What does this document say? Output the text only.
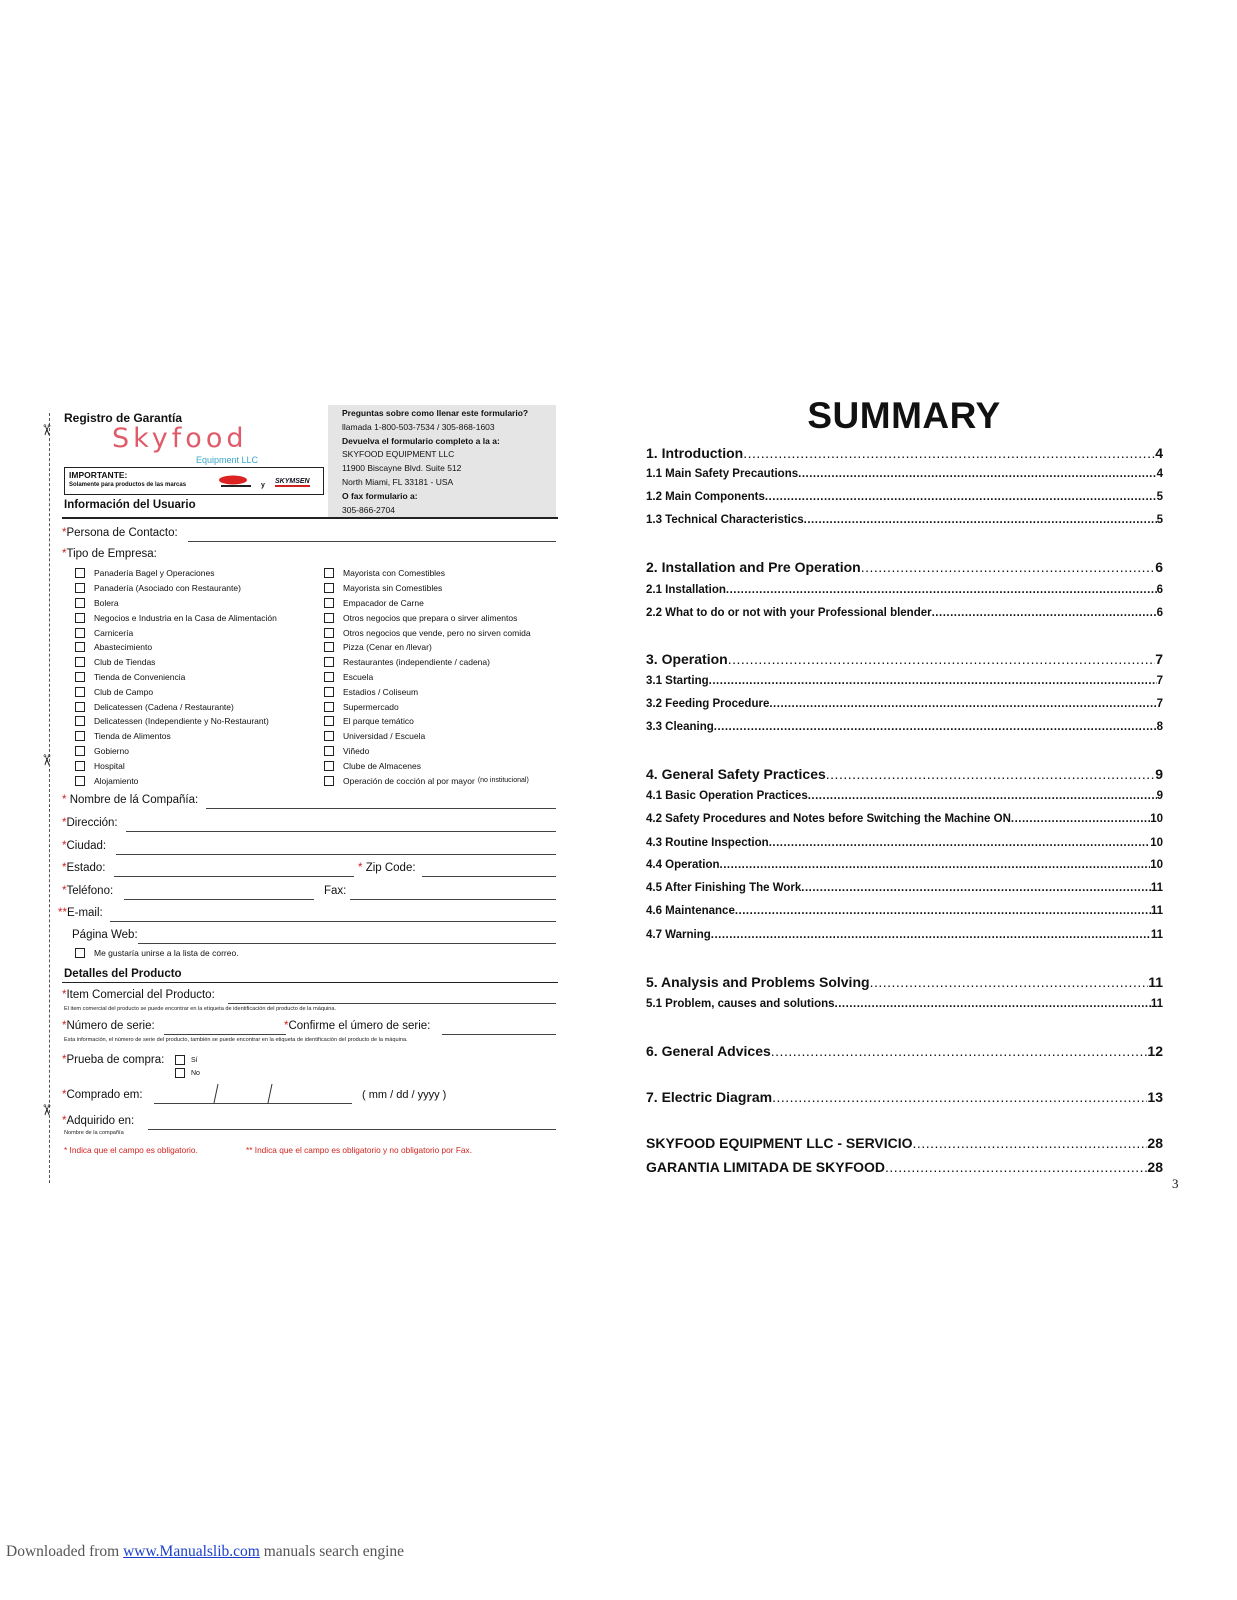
✂
✂
✂
Registro de Garantía
Skyfood
Equipment LLC
IMPORTANTE:
Solamente para productos de las marcas	y
SKYMSEN
Información del Usuario
Preguntas sobre como llenar este formulario?
llamada 1-800-503-7534 / 305-868-1603
Devuelva el formulario completo a la a:
SKYFOOD EQUIPMENT LLC
11900 Biscayne Blvd. Suite 512
North Miami, FL 33181 - USA
O fax formulario a:
305-866-2704
*Persona de Contacto:
*Tipo de Empresa:
Panadería Bagel y Operaciones
Panadería (Asociado con Restaurante)
Bolera
Negocios e Industria en la Casa de Alimentación
Carnicería
Abastecimiento
Club de Tiendas
Tienda de Conveniencia
Club de Campo
Delicatessen (Cadena / Restaurante)
Delicatessen (Independiente y No-Restaurant)
Tienda de Alimentos
Gobierno
Hospital
Alojamiento
Mayorista con Comestibles
Mayorista sin Comestibles
Empacador de Carne
Otros negocios que prepara o sirver alimentos
Otros negocios que vende, pero no sirven comida
Pizza (Cenar en /llevar)
Restaurantes (independiente / cadena)
Escuela
Estadios / Coliseum
Supermercado
El parque temático
Universidad / Escuela
Viñedo
Clube de Almacenes
Operación de cocción al por mayor (no institucional)
* Nombre de lá Compañía:
*Dirección:
*Ciudad:
*Estado:	* Zip Code:
*Teléfono:	Fax:
**E-mail:
Página Web:
Me gustaría unirse a la lista de correo.
Detalles del Producto
*Item Comercial del Producto:
El item comercial del producto se puede encontrar en la etiqueta de identificación del producto de la máquina.
*Número de serie:	*Confirme el úmero de serie:
Esta información, el número de serie del producto, también se puede encontrar en la etiqueta de identificación del producto de la máquina.
*Prueba de compra:	Sí
No
*Comprado em:	( mm / dd / yyyy )
*Adquirido en:
Nombre de la compañía
* Indica que el campo es obligatorio.	** Indica que el campo es obligatorio y no obligatorio por Fax.
SUMMARY
1. Introduction .....	4
1.1 Main Safety Precautions .....	4
1.2 Main Components .....	5
1.3 Technical Characteristics .....	5
2. Installation and Pre Operation .....	6
2.1 Installation .....	6
2.2 What to do or not with your Professional blender .....	6
3. Operation .....	7
3.1 Starting .....	7
3.2 Feeding Procedure .....	7
3.3 Cleaning .....	8
4. General Safety Practices .....	9
4.1 Basic Operation Practices .....	9
4.2 Safety Procedures and Notes before Switching the Machine ON .....	10
4.3 Routine Inspection .....	10
4.4 Operation .....	10
4.5 After Finishing The Work .....	11
4.6 Maintenance .....	11
4.7 Warning .....	11
5. Analysis and Problems Solving .....	11
5.1 Problem, causes and solutions .....	11
6. General Advices .....	12
7. Electric Diagram .....	13
SKYFOOD EQUIPMENT LLC - SERVICIO .....	28
GARANTIA LIMITADA DE SKYFOOD .....	28
3
Downloaded from www.Manualslib.com manuals search engine
